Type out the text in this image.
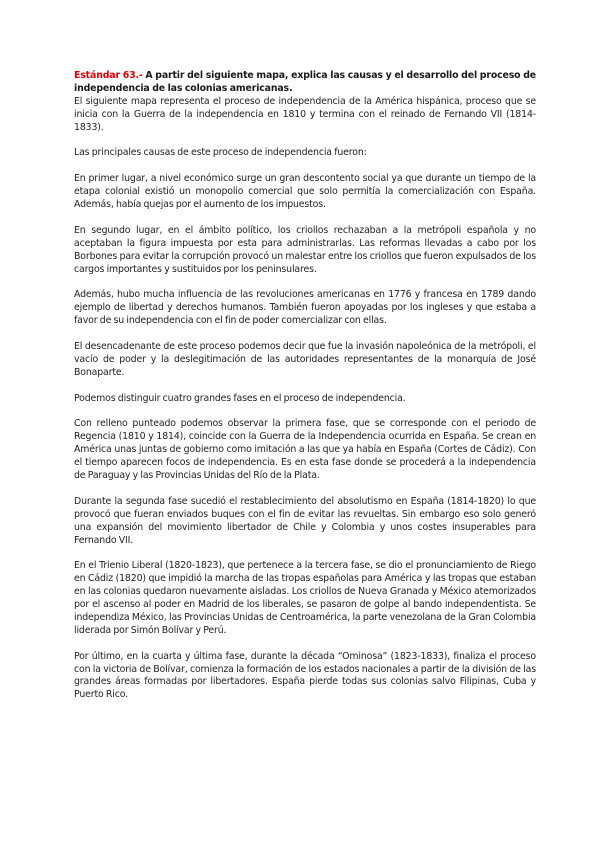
Estándar 63.- A partir del siguiente mapa, explica las causas y el desarrollo del proceso de independencia de las colonias americanas.

El siguiente mapa representa el proceso de independencia de la América hispánica, proceso que se inicia con la Guerra de la independencia en 1810 y termina con el reinado de Fernando VII (1814-1833).

Las principales causas de este proceso de independencia fueron:

En primer lugar, a nivel económico surge un gran descontento social ya que durante un tiempo de la etapa colonial existió un monopolio comercial que solo permitía la comercialización con España. Además, había quejas por el aumento de los impuestos.

En segundo lugar, en el ámbito político, los criollos rechazaban a la metrópoli española y no aceptaban la figura impuesta por esta para administrarlas. Las reformas llevadas a cabo por los Borbones para evitar la corrupción provocó un malestar entre los criollos que fueron expulsados de los cargos importantes y sustituidos por los peninsulares.

Además, hubo mucha influencia de las revoluciones americanas en 1776 y francesa en 1789 dando ejemplo de libertad y derechos humanos. También fueron apoyadas por los ingleses y que estaba a favor de su independencia con el fin de poder comercializar con ellas.

El desencadenante de este proceso podemos decir que fue la invasión napoleónica de la metrópoli, el vacío de poder y la deslegitimación de las autoridades representantes de la monarquía de José Bonaparte.

Podemos distinguir cuatro grandes fases en el proceso de independencia.

Con relleno punteado podemos observar la primera fase, que se corresponde con el periodo de Regencia (1810 y 1814), coincide con la Guerra de la Independencia ocurrida en España. Se crean en América unas juntas de gobierno como imitación a las que ya había en España (Cortes de Cádiz). Con el tiempo aparecen focos de independencia. Es en esta fase donde se procederá a la independencia de Paraguay y las Provincias Unidas del Río de la Plata.

Durante la segunda fase sucedió el restablecimiento del absolutismo en España (1814-1820) lo que provocó que fueran enviados buques con el fin de evitar las revueltas. Sin embargo eso solo generó una expansión del movimiento libertador de Chile y Colombia y unos costes insuperables para Fernando VII.

En el Trienio Liberal (1820-1823), que pertenece a la tercera fase, se dio el pronunciamiento de Riego en Cádiz (1820) que impidió la marcha de las tropas españolas para América y las tropas que estaban en las colonias quedaron nuevamente aisladas. Los criollos de Nueva Granada y México atemorizados por el ascenso al poder en Madrid de los liberales, se pasaron de golpe al bando independentista. Se independiza México, las Provincias Unidas de Centroamérica, la parte venezolana de la Gran Colombia liderada por Simón Bolívar y Perú.

Por último, en la cuarta y última fase, durante la década “Ominosa” (1823-1833), finaliza el proceso con la victoria de Bolívar, comienza la formación de los estados nacionales a partir de la división de las grandes áreas formadas por libertadores. España pierde todas sus colonias salvo Filipinas, Cuba y Puerto Rico.
